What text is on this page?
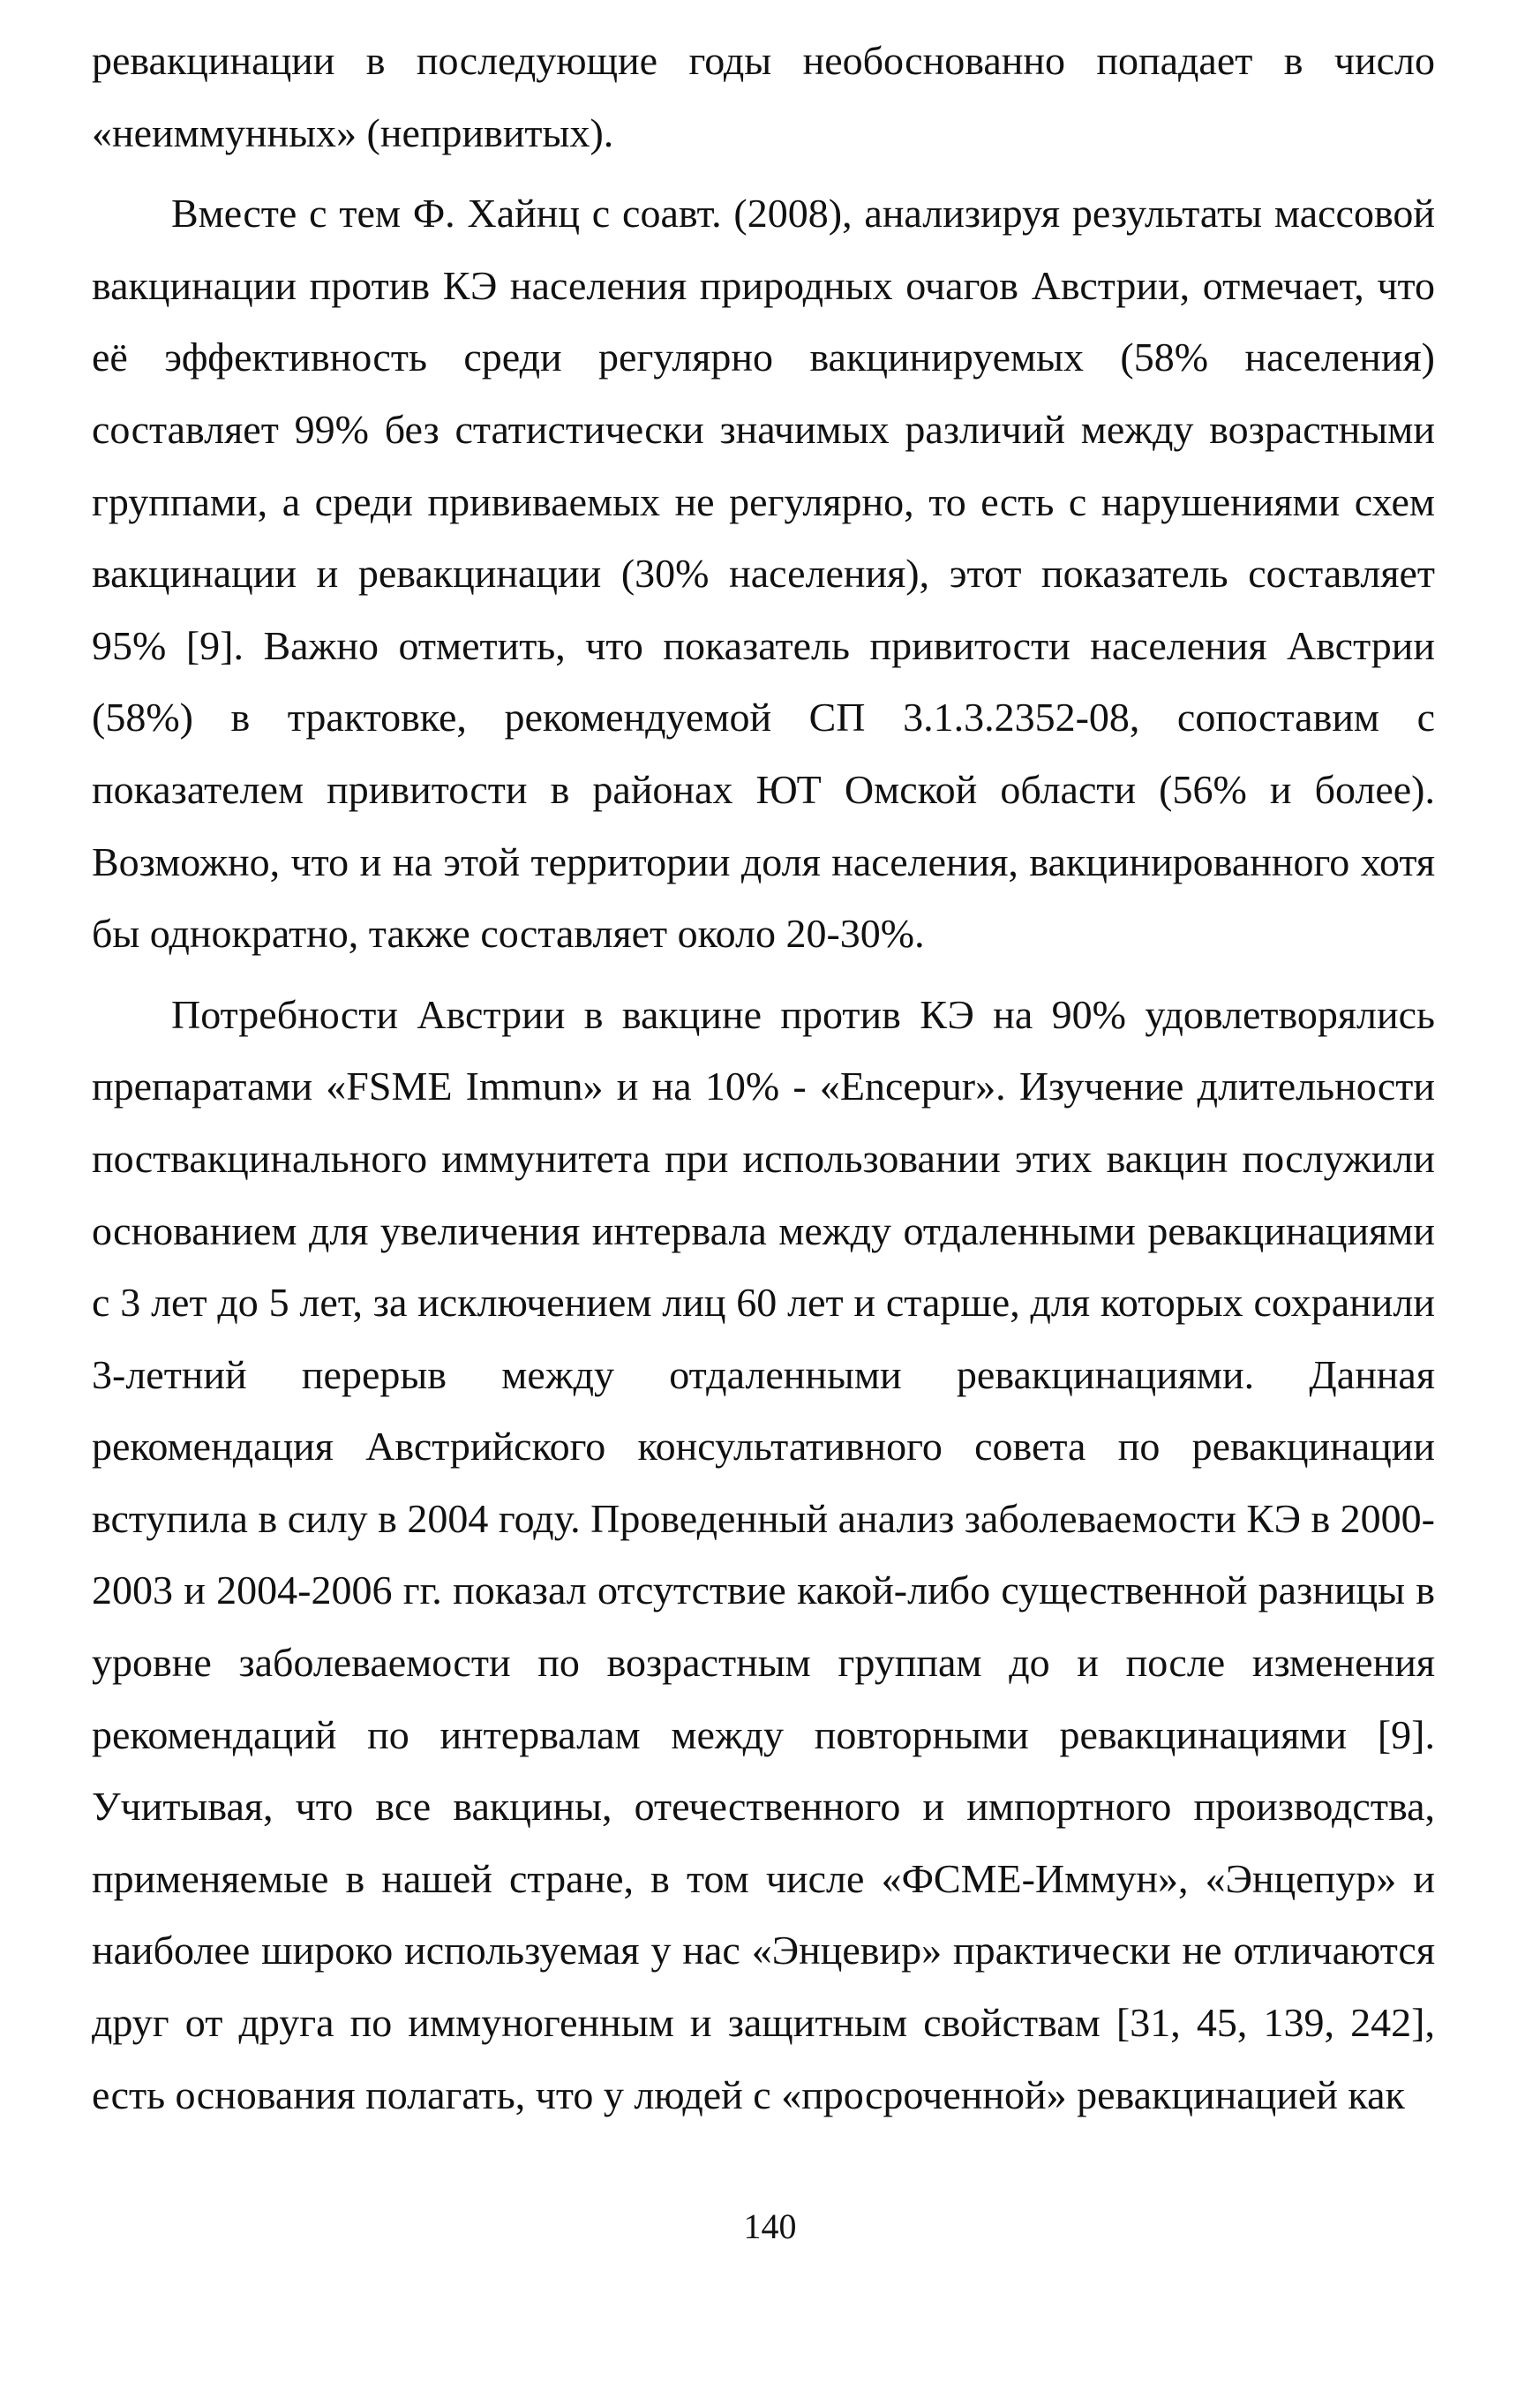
ревакцинации в последующие годы необоснованно попадает в число «неиммунных» (непривитых).

Вместе с тем Ф. Хайнц с соавт. (2008), анализируя результаты массовой вакцинации против КЭ населения природных очагов Австрии, отмечает, что её эффективность среди регулярно вакцинируемых (58% населения) составляет 99% без статистически значимых различий между возрастными группами, а среди прививаемых не регулярно, то есть с нарушениями схем вакцинации и ревакцинации (30% населения), этот показатель составляет 95% [9]. Важно отметить, что показатель привитости населения Австрии (58%) в трактовке, рекомендуемой СП 3.1.3.2352-08, сопоставим с показателем привитости в районах ЮТ Омской области (56% и более). Возможно, что и на этой территории доля населения, вакцинированного хотя бы однократно, также составляет около 20-30%.

Потребности Австрии в вакцине против КЭ на 90% удовлетворялись препаратами «FSME Immun» и на 10% - «Encepur». Изучение длительности поствакцинального иммунитета при использовании этих вакцин послужили основанием для увеличения интервала между отдаленными ревакцинациями с 3 лет до 5 лет, за исключением лиц 60 лет и старше, для которых сохранили 3-летний перерыв между отдаленными ревакцинациями. Данная рекомендация Австрийского консультативного совета по ревакцинации вступила в силу в 2004 году. Проведенный анализ заболеваемости КЭ в 2000-2003 и 2004-2006 гг. показал отсутствие какой-либо существенной разницы в уровне заболеваемости по возрастным группам до и после изменения рекомендаций по интервалам между повторными ревакцинациями [9]. Учитывая, что все вакцины, отечественного и импортного производства, применяемые в нашей стране, в том числе «ФСМЕ-Иммун», «Энцепур» и наиболее широко используемая у нас «Энцевир» практически не отличаются друг от друга по иммуногенным и защитным свойствам [31, 45, 139, 242], есть основания полагать, что у людей с «просроченной» ревакцинацией как

140
